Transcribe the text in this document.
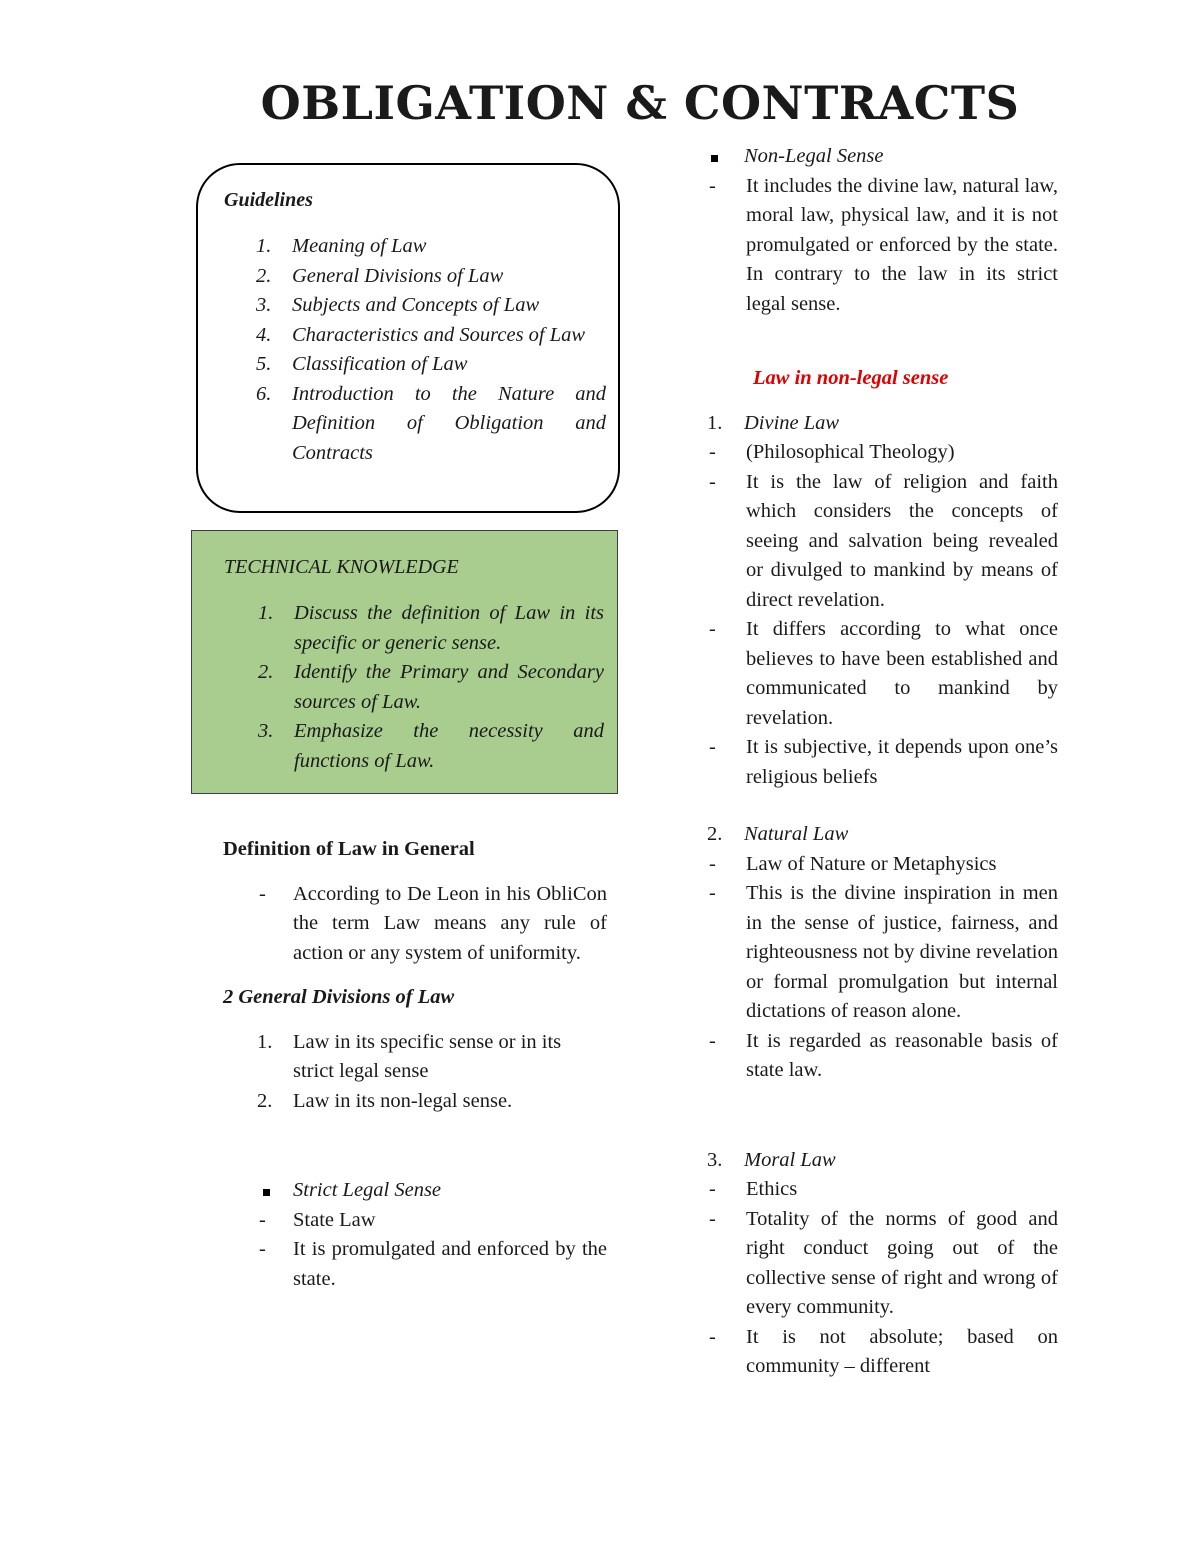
OBLIGATION & CONTRACTS
Guidelines
1.	Meaning of Law
2.	General Divisions of Law
3.	Subjects and Concepts of Law
4.	Characteristics and Sources of Law
5.	Classification of Law
6.	Introduction to the Nature and Definition of Obligation and Contracts
TECHNICAL KNOWLEDGE
1.	Discuss the definition of Law in its specific or generic sense.
2.	Identify the Primary and Secondary sources of Law.
3.	Emphasize the necessity and functions of Law.
Definition of Law in General
-	According to De Leon in his ObliCon the term Law means any rule of action or any system of uniformity.
2 General Divisions of Law
1.	Law in its specific sense or in its strict legal sense
2.	Law in its non-legal sense.
Strict Legal Sense
-	State Law
-	It is promulgated and enforced by the state.
Non-Legal Sense
-	It includes the divine law, natural law, moral law, physical law, and it is not promulgated or enforced by the state. In contrary to the law in its strict legal sense.
Law in non-legal sense
1.	Divine Law
-	(Philosophical Theology)
-	It is the law of religion and faith which considers the concepts of seeing and salvation being revealed or divulged to mankind by means of direct revelation.
-	It differs according to what once believes to have been established and communicated to mankind by revelation.
-	It is subjective, it depends upon one’s religious beliefs
2.	Natural Law
-	Law of Nature or Metaphysics
-	This is the divine inspiration in men in the sense of justice, fairness, and righteousness not by divine revelation or formal promulgation but internal dictations of reason alone.
-	It is regarded as reasonable basis of state law.
3.	Moral Law
-	Ethics
-	Totality of the norms of good and right conduct going out of the collective sense of right and wrong of every community.
-	It is not absolute; based on community – different
